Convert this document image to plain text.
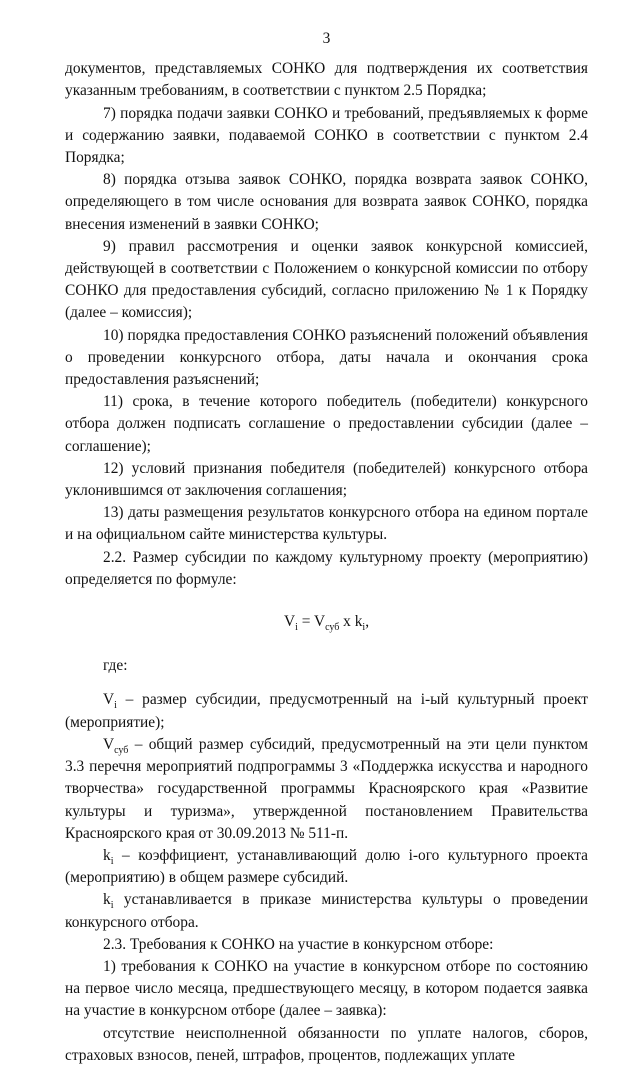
3

документов, представляемых СОНКО для подтверждения их соответствия указанным требованиям, в соответствии с пунктом 2.5 Порядка;

7) порядка подачи заявки СОНКО и требований, предъявляемых к форме и содержанию заявки, подаваемой СОНКО в соответствии с пунктом 2.4 Порядка;

8) порядка отзыва заявок СОНКО, порядка возврата заявок СОНКО, определяющего в том числе основания для возврата заявок СОНКО, порядка внесения изменений в заявки СОНКО;

9) правил рассмотрения и оценки заявок конкурсной комиссией, действующей в соответствии с Положением о конкурсной комиссии по отбору СОНКО для предоставления субсидий, согласно приложению № 1 к Порядку (далее – комиссия);

10) порядка предоставления СОНКО разъяснений положений объявления о проведении конкурсного отбора, даты начала и окончания срока предоставления разъяснений;

11) срока, в течение которого победитель (победители) конкурсного отбора должен подписать соглашение о предоставлении субсидии (далее – соглашение);

12) условий признания победителя (победителей) конкурсного отбора уклонившимся от заключения соглашения;

13) даты размещения результатов конкурсного отбора на едином портале и на официальном сайте министерства культуры.

2.2. Размер субсидии по каждому культурному проекту (мероприятию) определяется по формуле:

$V_i = V_{суб}$ х $k_i$,

где:

$V_i$ – размер субсидии, предусмотренный на i-ый культурный проект (мероприятие);

$V_{суб}$ – общий размер субсидий, предусмотренный на эти цели пунктом 3.3 перечня мероприятий подпрограммы 3 «Поддержка искусства и народного творчества» государственной программы Красноярского края «Развитие культуры и туризма», утвержденной постановлением Правительства Красноярского края от 30.09.2013 № 511-п.

$k_i$ – коэффициент, устанавливающий долю i-ого культурного проекта (мероприятию) в общем размере субсидий.

$k_i$ устанавливается в приказе министерства культуры о проведении конкурсного отбора.

2.3. Требования к СОНКО на участие в конкурсном отборе:

1) требования к СОНКО на участие в конкурсном отборе по состоянию на первое число месяца, предшествующего месяцу, в котором подается заявка на участие в конкурсном отборе (далее – заявка):

отсутствие неисполненной обязанности по уплате налогов, сборов, страховых взносов, пеней, штрафов, процентов, подлежащих уплате
